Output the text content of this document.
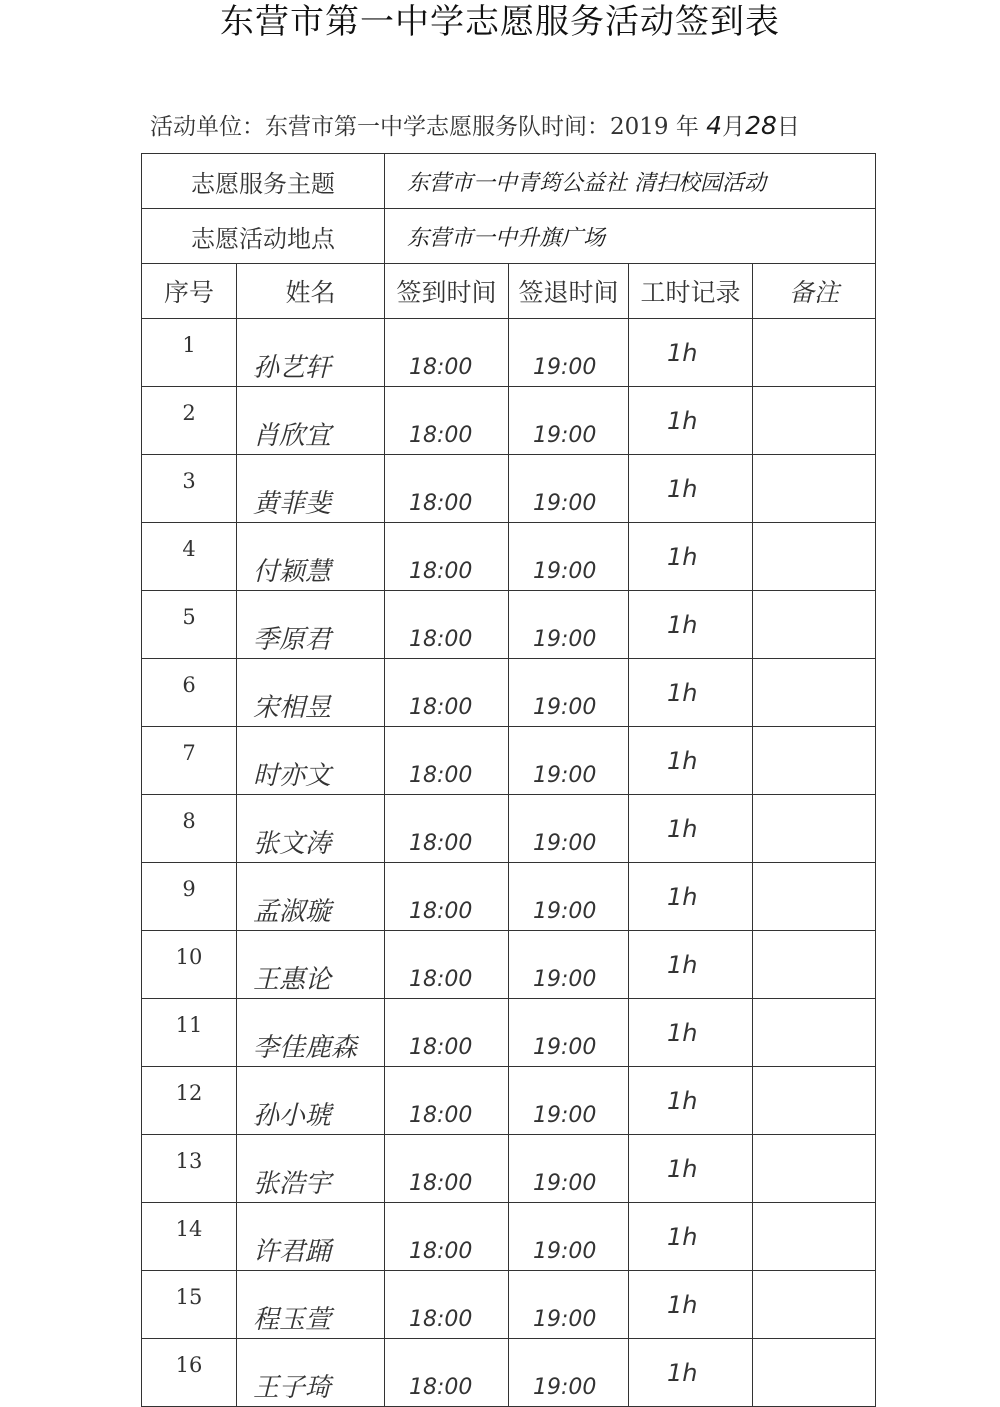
东营市第一中学志愿服务活动签到表
活动单位：东营市第一中学志愿服务队时间：2019 年 4月28日
志愿服务主题		东营市一中青筠公益社 清扫校园活动			
志愿活动地点		东营市一中升旗广场			
序号	姓名	签到时间	签退时间	工时记录	备注
1	孙艺轩	18:00	19:00	1h	
2	肖欣宜	18:00	19:00	1h	
3	黄菲斐	18:00	19:00	1h	
4	付颖慧	18:00	19:00	1h	
5	季原君	18:00	19:00	1h	
6	宋相昱	18:00	19:00	1h	
7	时亦文	18:00	19:00	1h	
8	张文涛	18:00	19:00	1h	
9	孟淑璇	18:00	19:00	1h	
10	王惠论	18:00	19:00	1h	
11	李佳鹿森	18:00	19:00	1h	
12	孙小琥	18:00	19:00	1h	
13	张浩宇	18:00	19:00	1h	
14	许君踊	18:00	19:00	1h	
15	程玉萱	18:00	19:00	1h	
16	王子琦	18:00	19:00	1h	
